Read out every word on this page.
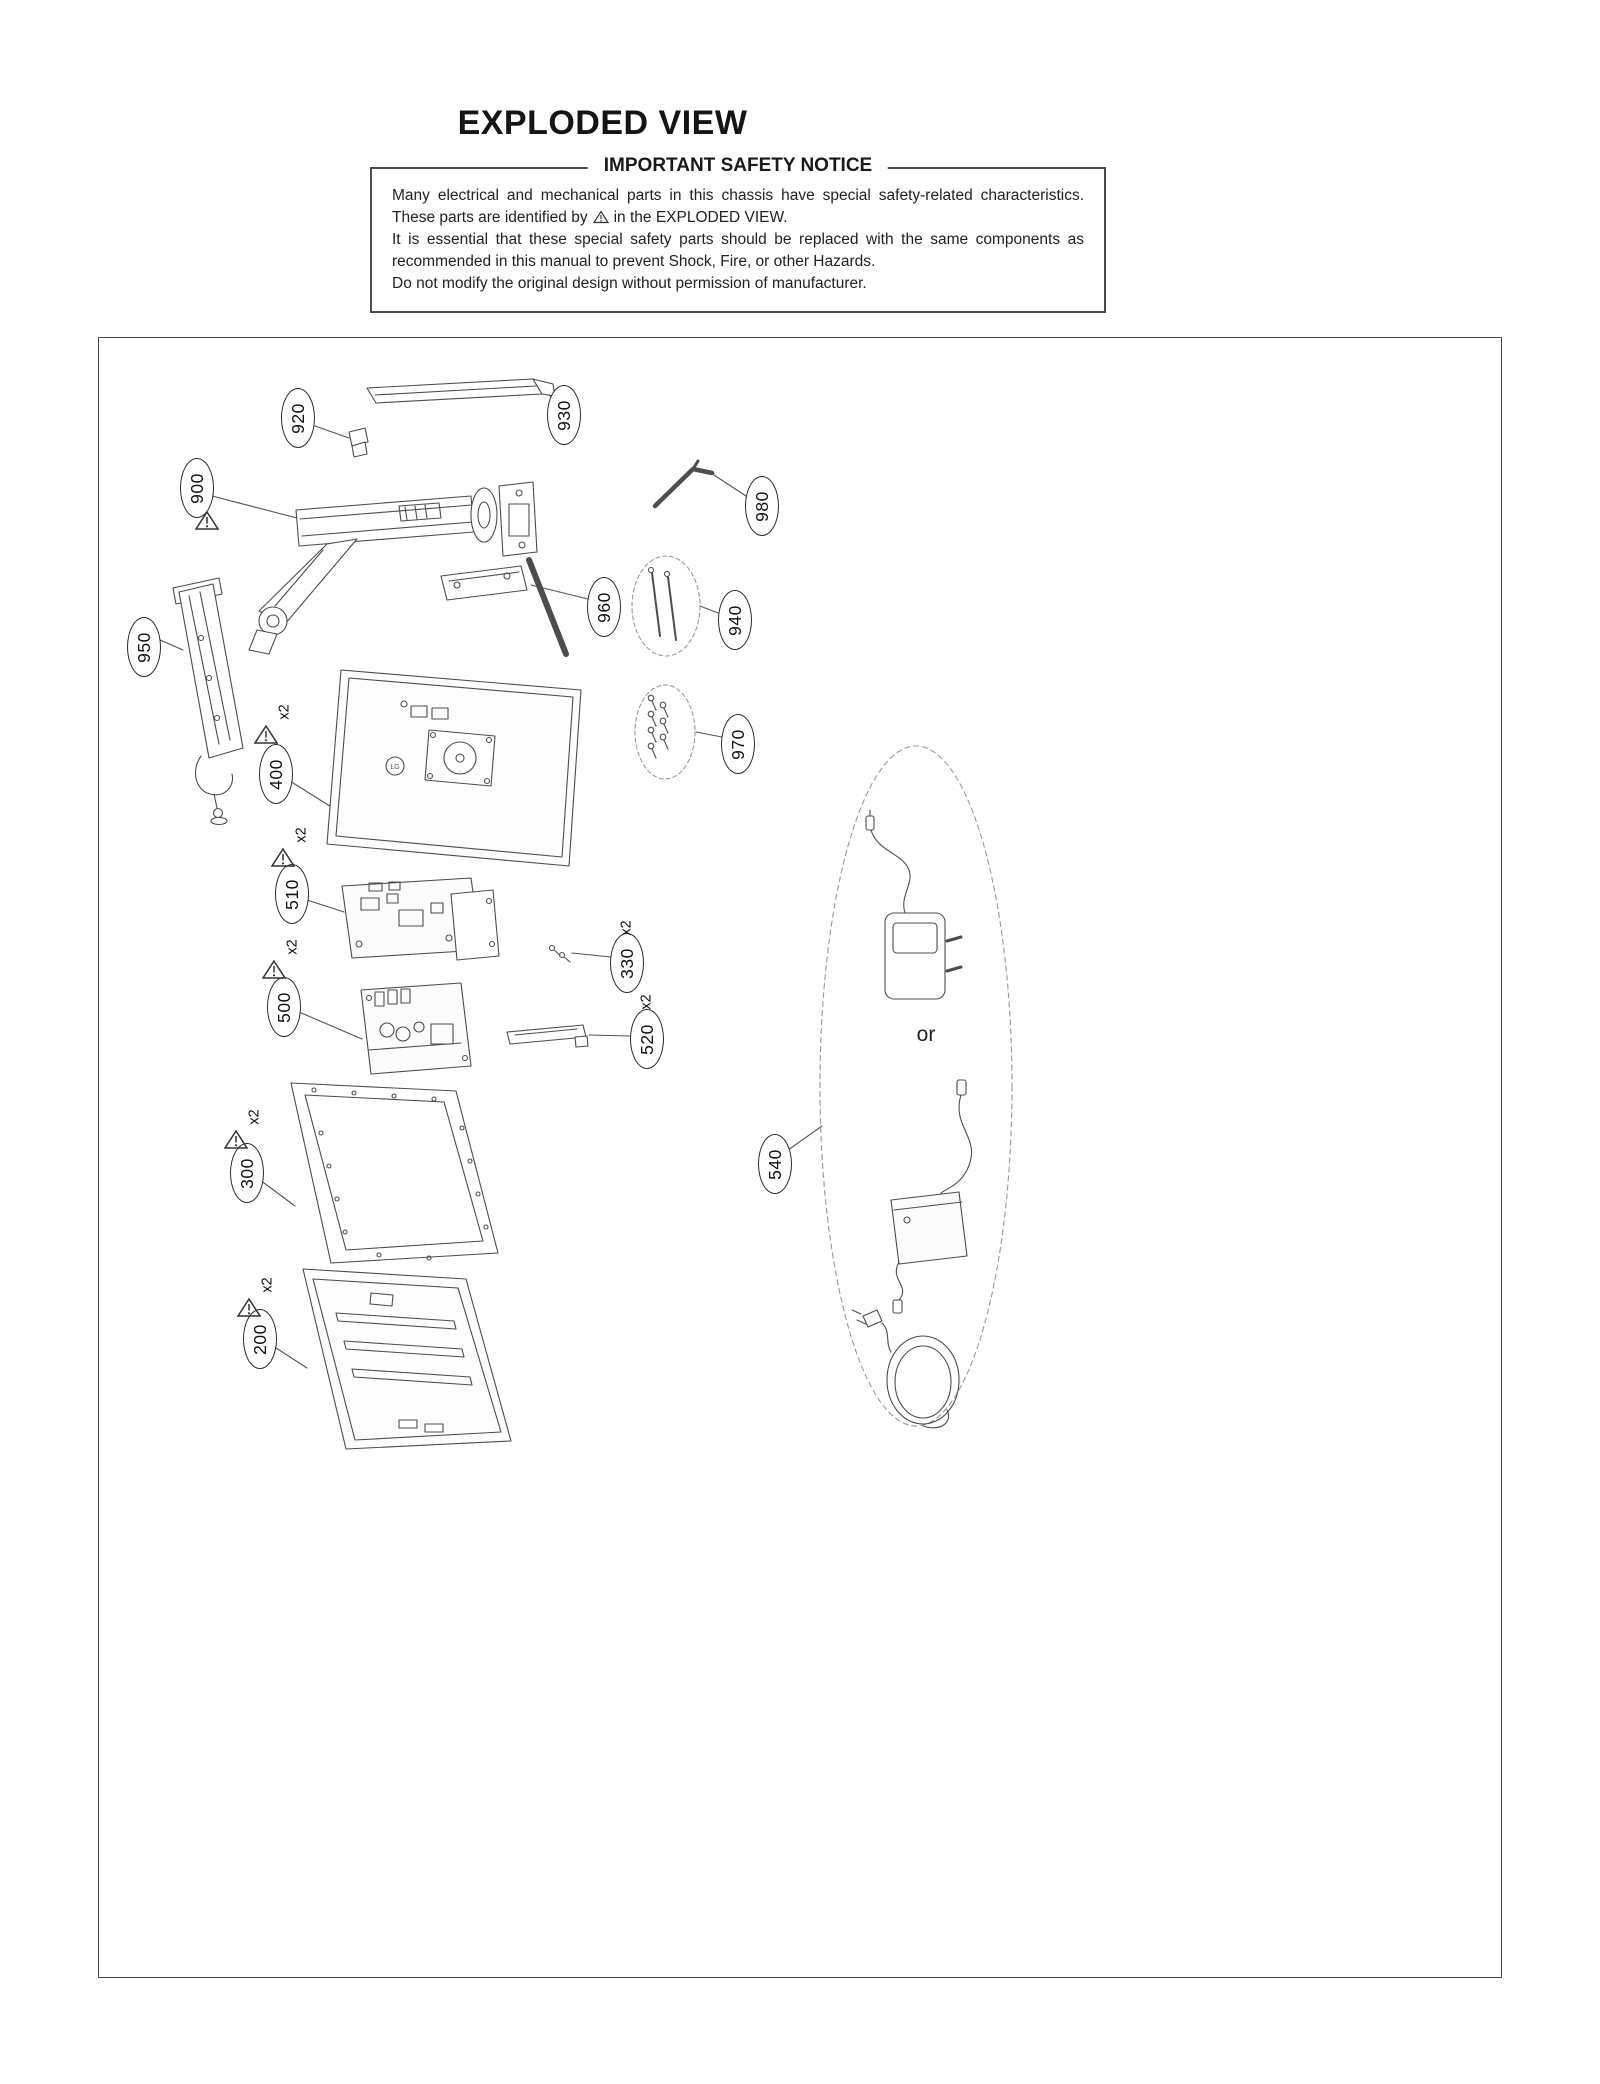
EXPLODED VIEW
IMPORTANT SAFETY NOTICE

Many electrical and mechanical parts in this chassis have special safety-related characteristics. These parts are identified by in the EXPLODED VIEW.

It is essential that these special safety parts should be replaced with the same components as recommended in this manual to prevent Shock, Fire, or other Hazards.

Do not modify the original design without permission of manufacturer.

LG
920	930
900
980
950
960	940
400
970
510
330
500
520
300
200
540
x2
x2
x2
x2
x2
x2
x2
or
